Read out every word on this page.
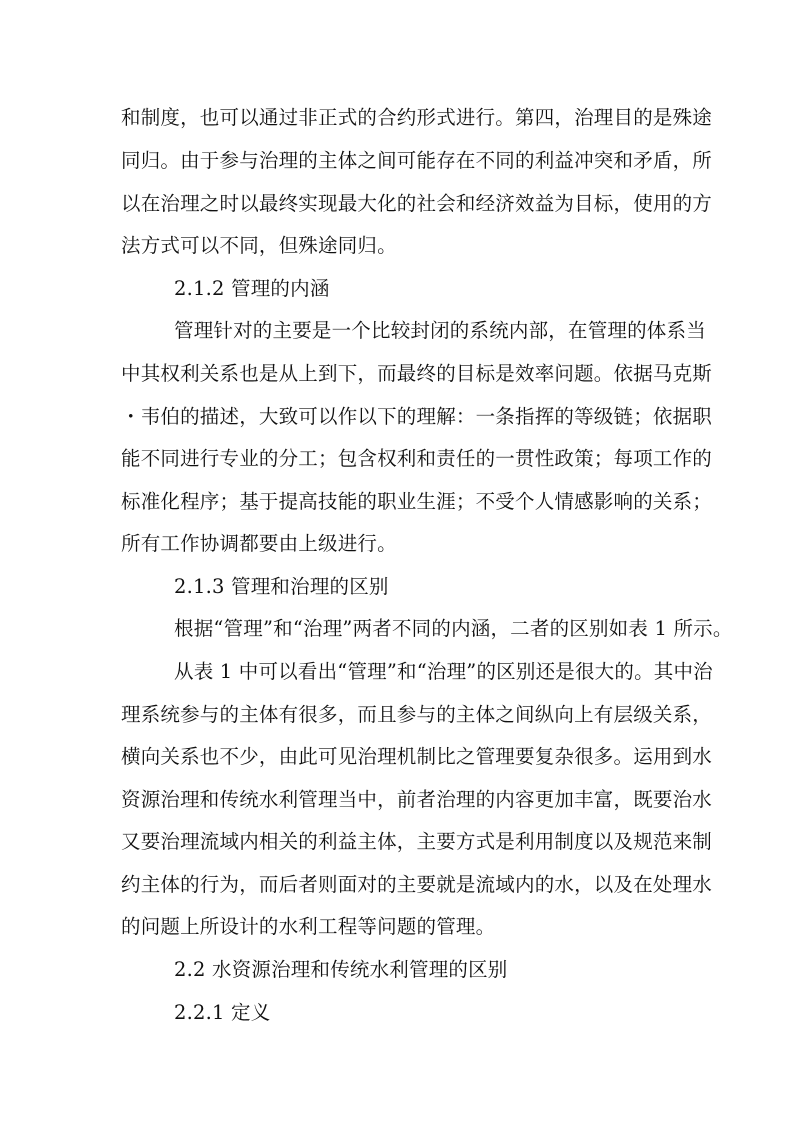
和制度，也可以通过非正式的合约形式进行。第四，治理目的是殊途
同归。由于参与治理的主体之间可能存在不同的利益冲突和矛盾，所
以在治理之时以最终实现最大化的社会和经济效益为目标，使用的方
法方式可以不同，但殊途同归。
2.1.2 管理的内涵
管理针对的主要是一个比较封闭的系统内部，在管理的体系当
中其权利关系也是从上到下，而最终的目标是效率问题。依据马克斯
・韦伯的描述，大致可以作以下的理解：一条指挥的等级链；依据职
能不同进行专业的分工；包含权利和责任的一贯性政策；每项工作的
标准化程序；基于提高技能的职业生涯；不受个人情感影响的关系；
所有工作协调都要由上级进行。
2.1.3 管理和治理的区别
根据“管理”和“治理”两者不同的内涵，二者的区别如表 1 所示。
从表 1 中可以看出“管理”和“治理”的区别还是很大的。其中治
理系统参与的主体有很多，而且参与的主体之间纵向上有层级关系，
横向关系也不少，由此可见治理机制比之管理要复杂很多。运用到水
资源治理和传统水利管理当中，前者治理的内容更加丰富，既要治水
又要治理流域内相关的利益主体，主要方式是利用制度以及规范来制
约主体的行为，而后者则面对的主要就是流域内的水，以及在处理水
的问题上所设计的水利工程等问题的管理。
2.2 水资源治理和传统水利管理的区别
2.2.1 定义
